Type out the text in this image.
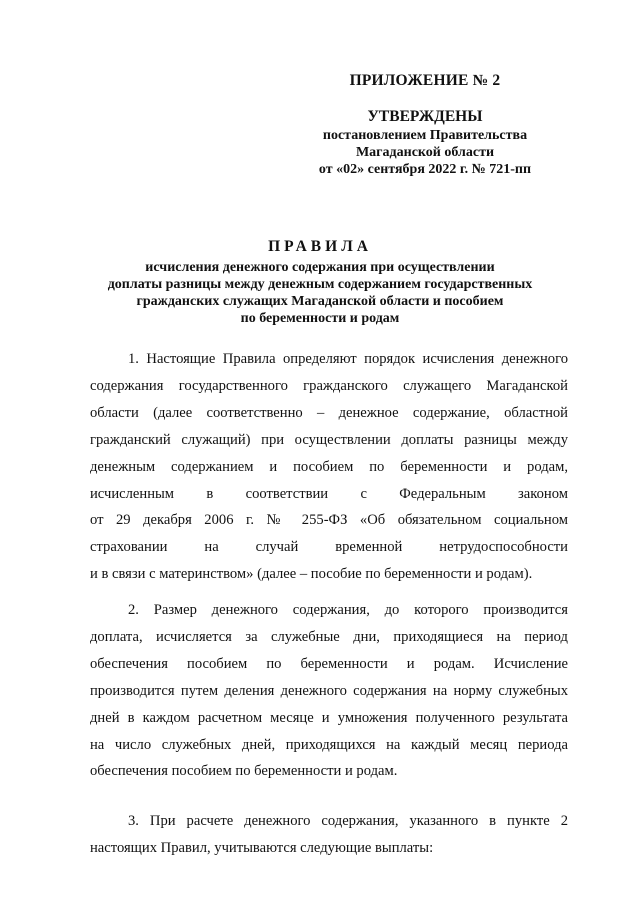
ПРИЛОЖЕНИЕ № 2
УТВЕРЖДЕНЫ
постановлением Правительства
Магаданской области
от «02» сентября 2022 г. № 721-пп
ПРАВИЛА
исчисления денежного содержания при осуществлении
доплаты разницы между денежным содержанием государственных
гражданских служащих Магаданской области и пособием
по беременности и родам
1. Настоящие Правила определяют порядок исчисления денежного
содержания государственного гражданского служащего Магаданской
области (далее соответственно – денежное содержание, областной
гражданский служащий) при осуществлении доплаты разницы между
денежным содержанием и пособием по беременности и родам,
исчисленным в соответствии с Федеральным законом
от 29 декабря 2006 г. № 255-ФЗ «Об обязательном социальном
страховании на случай временной нетрудоспособности
и в связи с материнством» (далее – пособие по беременности и родам).
2. Размер денежного содержания, до которого производится
доплата, исчисляется за служебные дни, приходящиеся на период
обеспечения пособием по беременности и родам. Исчисление
производится путем деления денежного содержания на норму служебных
дней в каждом расчетном месяце и умножения полученного результата
на число служебных дней, приходящихся на каждый месяц периода
обеспечения пособием по беременности и родам.
3. При расчете денежного содержания, указанного в пункте 2
настоящих Правил, учитываются следующие выплаты:
